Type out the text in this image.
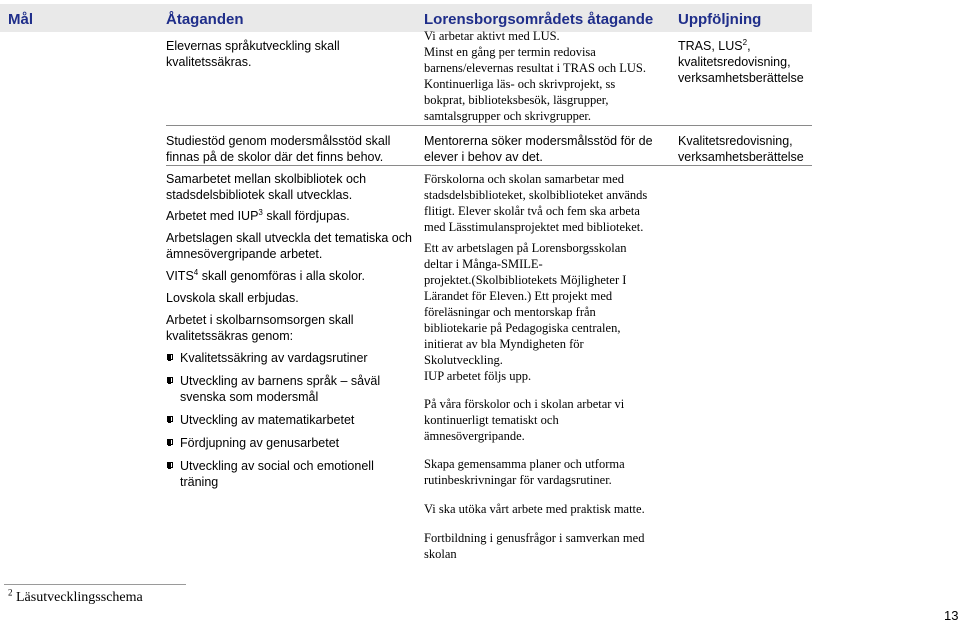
Mål	Åtaganden	Lorensborgsområdets åtagande Uppföljning
Elevernas språkutveckling skall
kvalitetssäkras.
Vi arbetar aktivt med LUS.
Minst en gång per termin redovisa
barnens/elevernas resultat i TRAS och LUS.
Kontinuerliga läs- och skrivprojekt, ss
bokprat, biblioteksbesök, läsgrupper,
samtalsgrupper och skrivgrupper.
TRAS, LUS$^2$,
kvalitetsredovisning,
verksamhetsberättelse
Studiestöd genom modersmålsstöd skall
finnas på de skolor där det finns behov.
Mentorerna söker modersmålsstöd för de
elever i behov av det.
Kvalitetsredovisning,
verksamhetsberättelse

Samarbetet mellan skolbibliotek och
stadsdelsbibliotek skall utvecklas.

Arbetet med IUP$^3$ skall fördjupas.

Arbetslagen skall utveckla det tematiska och
ämnesövergripande arbetet.

VITS$^4$ skall genomföras i alla skolor.

Lovskola skall erbjudas.

Arbetet i skolbarnsomsorgen skall
kvalitetssäkras genom:

Kvalitetssäkring av vardagsrutiner
Utveckling av barnens språk – såväl
svenska som modersmål
Utveckling av matematikarbetet
Fördjupning av genusarbetet
Utveckling av social och emotionell
träning

Förskolorna och skolan samarbetar med
stadsdelsbiblioteket, skolbiblioteket används
flitigt. Elever skolår två och fem ska arbeta
med Lässtimulansprojektet med biblioteket.

Ett av arbetslagen på Lorensborgsskolan
deltar i Många-SMILE-
projektet.(Skolbibliotekets Möjligheter I
Lärandet för Eleven.) Ett projekt med
föreläsningar och mentorskap från
bibliotekarie på Pedagogiska centralen,
initierat av bla Myndigheten för
Skolutveckling.
IUP arbetet följs upp.

På våra förskolor och i skolan arbetar vi
kontinuerligt tematiskt och
ämnesövergripande.

Skapa gemensamma planer och utforma
rutinbeskrivningar för vardagsrutiner.

Vi ska utöka vårt arbete med praktisk matte.

Fortbildning i genusfrågor i samverkan med
skolan

$^2$ Läsutvecklingsschema
13
